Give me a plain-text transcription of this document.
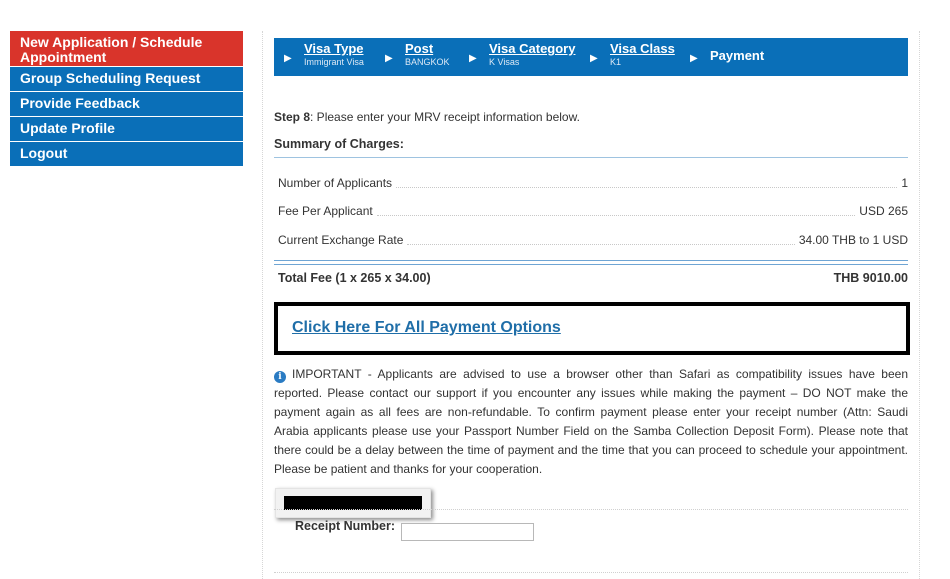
New Application / Schedule Appointment
Group Scheduling Request
Provide Feedback
Update Profile
Logout
▶
Visa Type
Immigrant Visa ▶
Post
BANGKOK ▶
Visa Category
K Visas	▶
Visa Class
K1	▶ Payment
Step 8: Please enter your MRV receipt information below.
Summary of Charges:
Number of Applicants	1
Fee Per Applicant	USD 265
Current Exchange Rate	34.00 THB to 1 USD
Total Fee (1 x 265 x 34.00)	THB 9010.00
Click Here For All Payment Options
i IMPORTANT - Applicants are advised to use a browser other than Safari as compatibility issues have been reported. Please contact our support if you encounter any issues while making the payment – DO NOT make the payment again as all fees are non-refundable. To confirm payment please enter your receipt number (Attn: Saudi Arabia applicants please use your Passport Number Field on the Samba Collection Deposit Form). Please note that there could be a delay between the time of payment and the time that you can proceed to schedule your appointment. Please be patient and thanks for your cooperation.
Receipt Number:
